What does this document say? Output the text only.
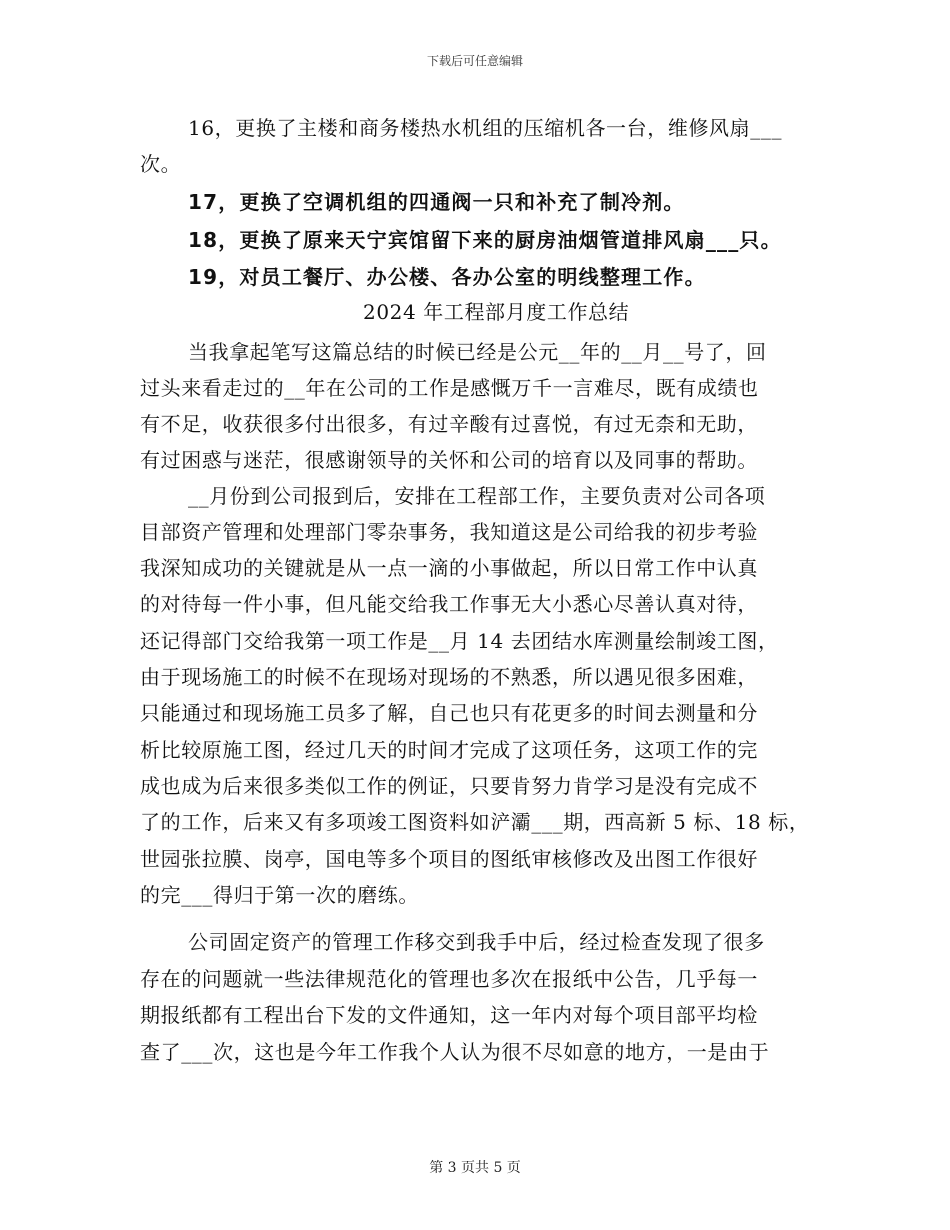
下载后可任意编辑
16，更换了主楼和商务楼热水机组的压缩机各一台，维修风扇___
次。
17，更换了空调机组的四通阀一只和补充了制冷剂。
18，更换了原来天宁宾馆留下来的厨房油烟管道排风扇___只。
19，对员工餐厅、办公楼、各办公室的明线整理工作。
2024 年工程部月度工作总结
当我拿起笔写这篇总结的时候已经是公元__年的__月__号了，回
过头来看走过的__年在公司的工作是感慨万千一言难尽，既有成绩也
有不足，收获很多付出很多，有过辛酸有过喜悦，有过无柰和无助，
有过困惑与迷茫，很感谢领导的关怀和公司的培育以及同事的帮助。
__月份到公司报到后，安排在工程部工作，主要负责对公司各项
目部资产管理和处理部门零杂事务，我知道这是公司给我的初步考验
我深知成功的关键就是从一点一滴的小事做起，所以日常工作中认真
的对待每一件小事，但凡能交给我工作事无大小悉心尽善认真对待，
还记得部门交给我第一项工作是__月 14 去团结水库测量绘制竣工图，
由于现场施工的时候不在现场对现场的不熟悉，所以遇见很多困难，
只能通过和现场施工员多了解，自己也只有花更多的时间去测量和分
析比较原施工图，经过几天的时间才完成了这项任务，这项工作的完
成也成为后来很多类似工作的例证，只要肯努力肯学习是没有完成不
了的工作，后来又有多项竣工图资料如浐灞___期，西高新 5 标、18 标，
世园张拉膜、岗亭，国电等多个项目的图纸审核修改及出图工作很好
的完___得归于第一次的磨练。
公司固定资产的管理工作移交到我手中后，经过检查发现了很多
存在的问题就一些法律规范化的管理也多次在报纸中公告，几乎每一
期报纸都有工程出台下发的文件通知，这一年内对每个项目部平均检
查了___次，这也是今年工作我个人认为很不尽如意的地方，一是由于
第 3 页共 5 页
